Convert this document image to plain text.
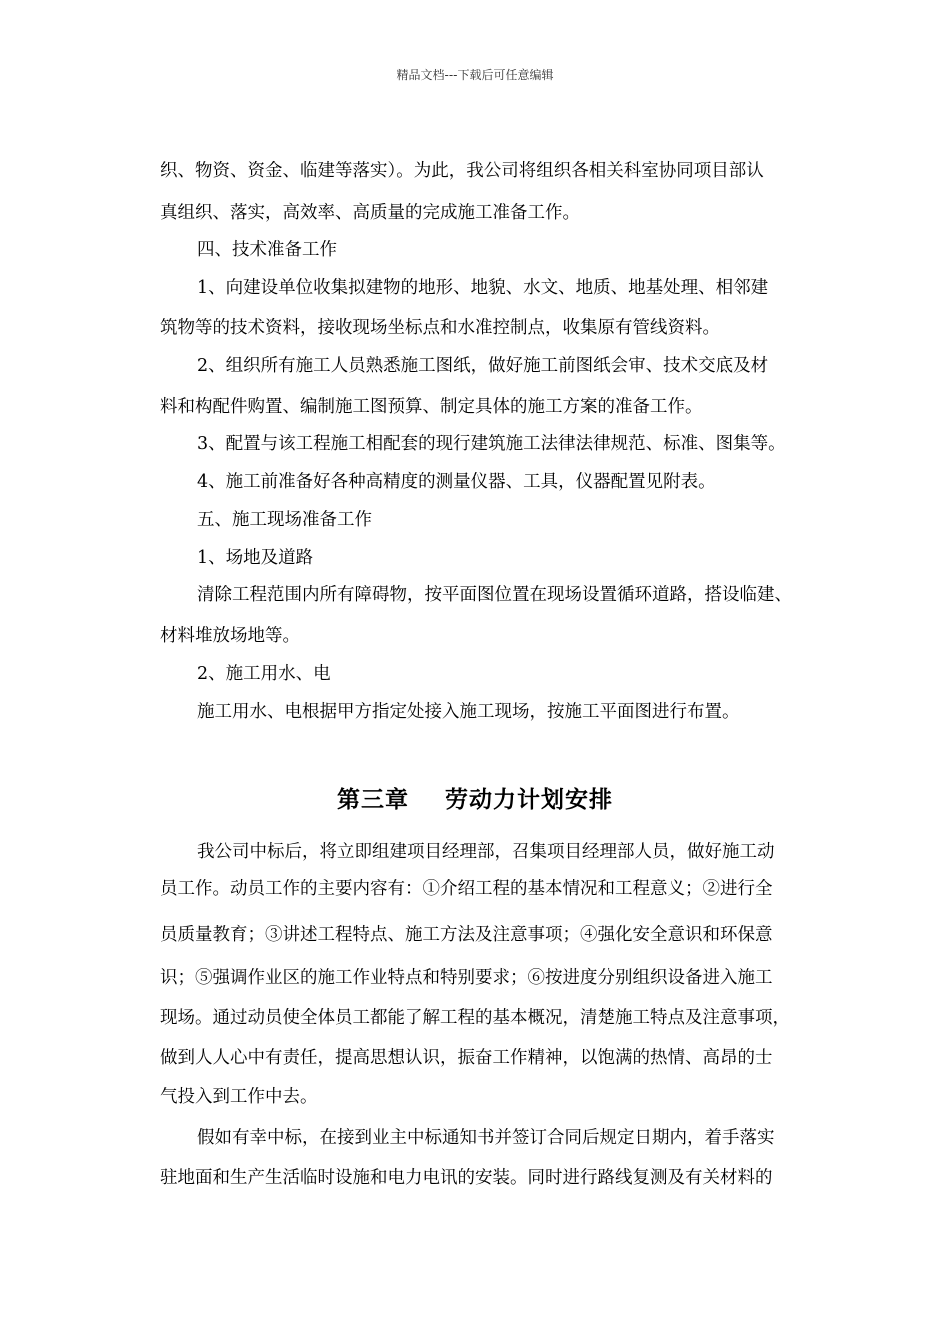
精品文档---下载后可任意编辑
织、物资、资金、临建等落实）。为此，我公司将组织各相关科室协同项目部认
真组织、落实，高效率、高质量的完成施工准备工作。
四、技术准备工作
1、向建设单位收集拟建物的地形、地貌、水文、地质、地基处理、相邻建
筑物等的技术资料，接收现场坐标点和水准控制点，收集原有管线资料。
2、组织所有施工人员熟悉施工图纸，做好施工前图纸会审、技术交底及材
料和构配件购置、编制施工图预算、制定具体的施工方案的准备工作。
3、配置与该工程施工相配套的现行建筑施工法律法律规范、标准、图集等。
4、施工前准备好各种高精度的测量仪器、工具，仪器配置见附表。
五、施工现场准备工作
1、场地及道路
清除工程范围内所有障碍物，按平面图位置在现场设置循环道路，搭设临建、
材料堆放场地等。
2、施工用水、电
施工用水、电根据甲方指定处接入施工现场，按施工平面图进行布置。
第三章    劳动力计划安排
我公司中标后，将立即组建项目经理部，召集项目经理部人员，做好施工动
员工作。动员工作的主要内容有：①介绍工程的基本情况和工程意义；②进行全
员质量教育；③讲述工程特点、施工方法及注意事项；④强化安全意识和环保意
识；⑤强调作业区的施工作业特点和特别要求；⑥按进度分别组织设备进入施工
现场。通过动员使全体员工都能了解工程的基本概况，清楚施工特点及注意事项，
做到人人心中有责任，提高思想认识，振奋工作精神，以饱满的热情、高昂的士
气投入到工作中去。
假如有幸中标，在接到业主中标通知书并签订合同后规定日期内，着手落实
驻地面和生产生活临时设施和电力电讯的安装。同时进行路线复测及有关材料的
